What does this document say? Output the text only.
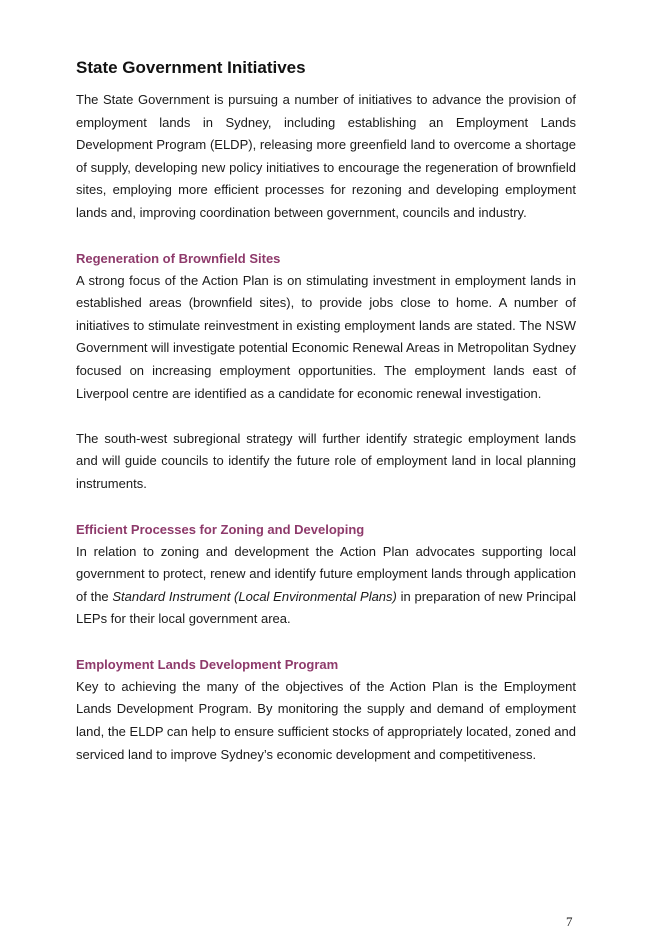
State Government Initiatives

The State Government is pursuing a number of initiatives to advance the provision of employment lands in Sydney, including establishing an Employment Lands Development Program (ELDP), releasing more greenfield land to overcome a shortage of supply, developing new policy initiatives to encourage the regeneration of brownfield sites, employing more efficient processes for rezoning and developing employment lands and, improving coordination between government, councils and industry.

Regeneration of Brownfield Sites

A strong focus of the Action Plan is on stimulating investment in employment lands in established areas (brownfield sites), to provide jobs close to home. A number of initiatives to stimulate reinvestment in existing employment lands are stated. The NSW Government will investigate potential Economic Renewal Areas in Metropolitan Sydney focused on increasing employment opportunities. The employment lands east of Liverpool centre are identified as a candidate for economic renewal investigation.

The south-west subregional strategy will further identify strategic employment lands and will guide councils to identify the future role of employment land in local planning instruments.

Efficient Processes for Zoning and Developing

In relation to zoning and development the Action Plan advocates supporting local government to protect, renew and identify future employment lands through application of the Standard Instrument (Local Environmental Plans) in preparation of new Principal LEPs for their local government area.

Employment Lands Development Program

Key to achieving the many of the objectives of the Action Plan is the Employment Lands Development Program. By monitoring the supply and demand of employment land, the ELDP can help to ensure sufficient stocks of appropriately located, zoned and serviced land to improve Sydney’s economic development and competitiveness.

7
